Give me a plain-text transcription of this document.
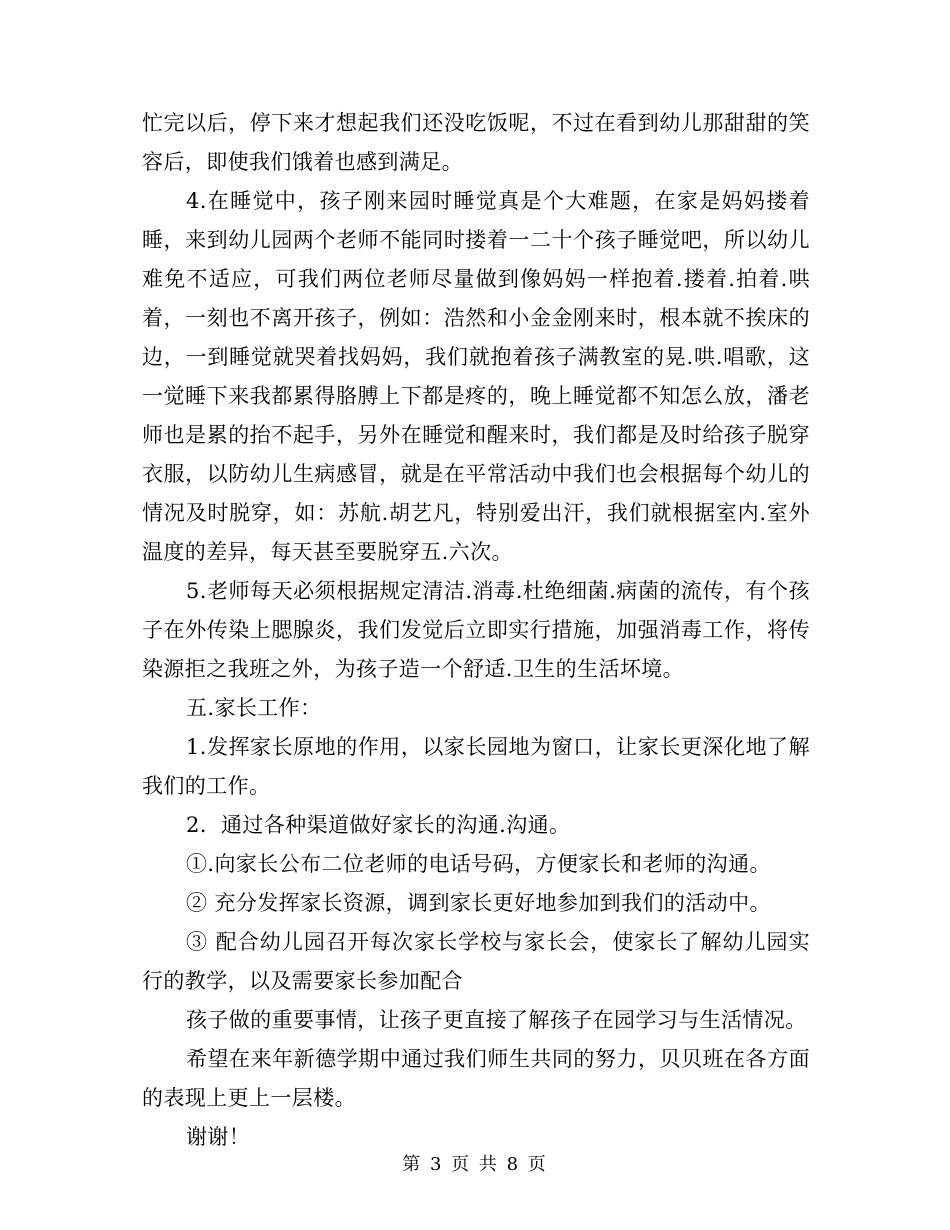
忙完以后，停下来才想起我们还没吃饭呢，不过在看到幼儿那甜甜的笑容后，即使我们饿着也感到满足。

4.在睡觉中，孩子刚来园时睡觉真是个大难题，在家是妈妈搂着睡，来到幼儿园两个老师不能同时搂着一二十个孩子睡觉吧，所以幼儿难免不适应，可我们两位老师尽量做到像妈妈一样抱着.搂着.拍着.哄着，一刻也不离开孩子，例如：浩然和小金金刚来时，根本就不挨床的边，一到睡觉就哭着找妈妈，我们就抱着孩子满教室的晃.哄.唱歌，这一觉睡下来我都累得胳膊上下都是疼的，晚上睡觉都不知怎么放，潘老师也是累的抬不起手，另外在睡觉和醒来时，我们都是及时给孩子脱穿衣服，以防幼儿生病感冒，就是在平常活动中我们也会根据每个幼儿的情况及时脱穿，如：苏航.胡艺凡，特别爱出汗，我们就根据室内.室外温度的差异，每天甚至要脱穿五.六次。

5.老师每天必须根据规定清洁.消毒.杜绝细菌.病菌的流传，有个孩子在外传染上腮腺炎，我们发觉后立即实行措施，加强消毒工作，将传染源拒之我班之外，为孩子造一个舒适.卫生的生活坏境。

五.家长工作：

1.发挥家长原地的作用，以家长园地为窗口，让家长更深化地了解我们的工作。

2.  通过各种渠道做好家长的沟通.沟通。

①.向家长公布二位老师的电话号码，方便家长和老师的沟通。

② 充分发挥家长资源，调到家长更好地参加到我们的活动中。

③ 配合幼儿园召开每次家长学校与家长会，使家长了解幼儿园实行的教学，以及需要家长参加配合

孩子做的重要事情，让孩子更直接了解孩子在园学习与生活情况。

希望在来年新德学期中通过我们师生共同的努力，贝贝班在各方面的表现上更上一层楼。

谢谢！

第 3 页 共 8 页
